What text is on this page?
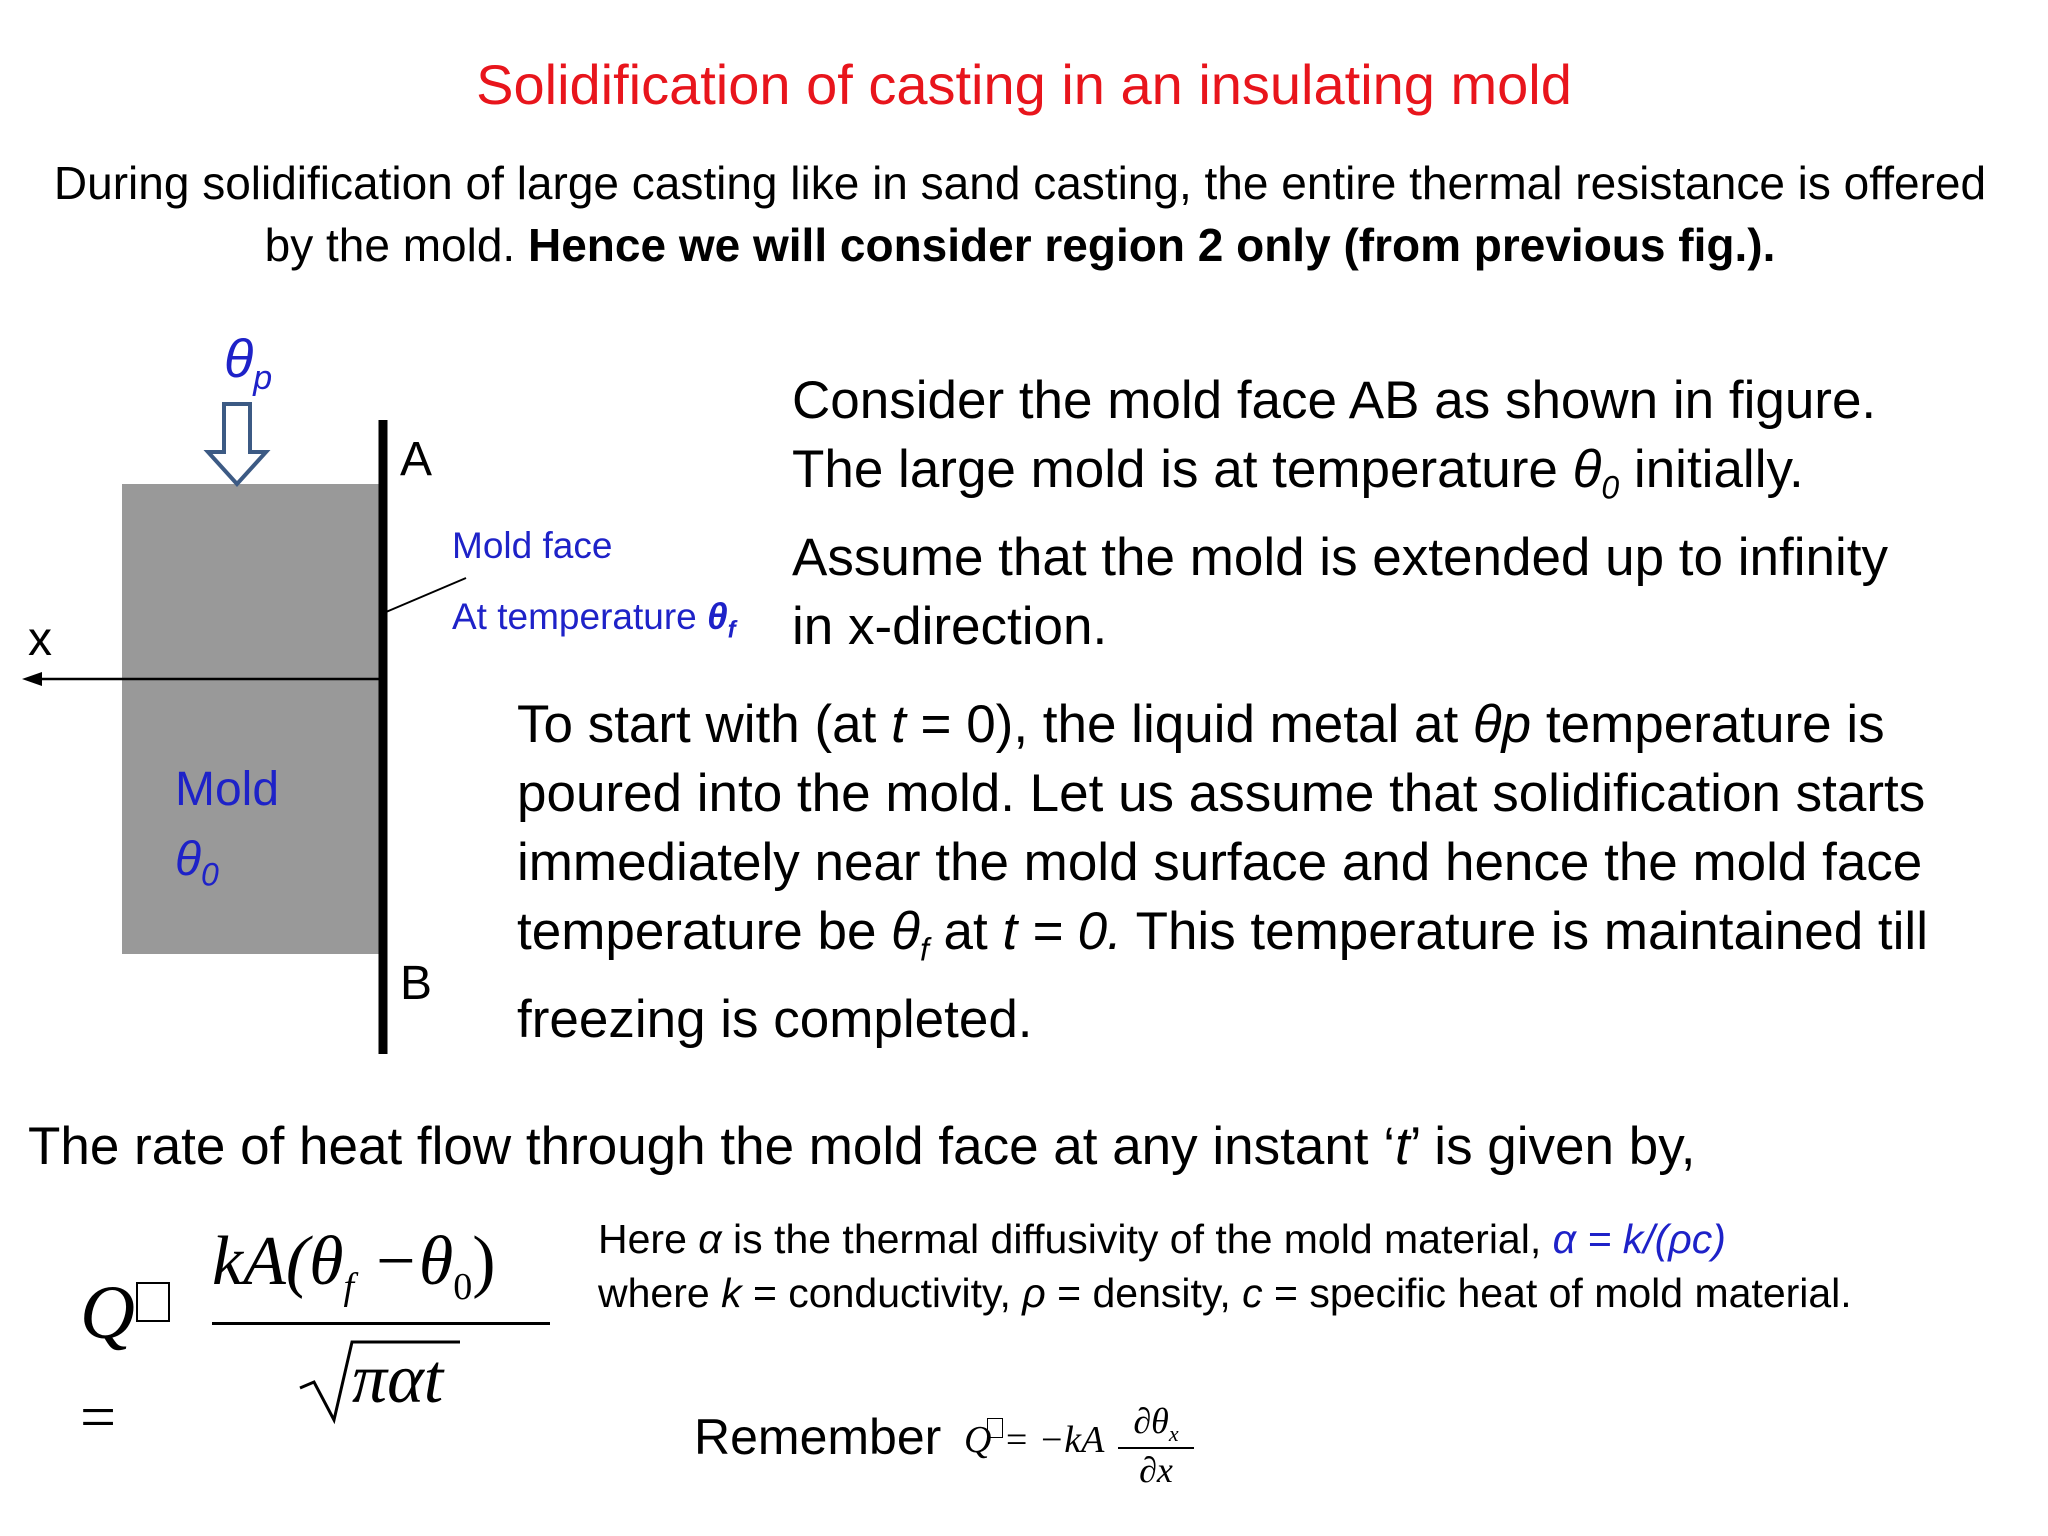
Solidification of casting in an insulating mold
During solidification of large casting like in sand casting, the entire thermal resistance is offered by the mold. Hence we will consider region 2 only (from previous fig.).
$\theta_p$
A
B
x
Mold face
At temperature $\theta_f$
Mold
$\theta_0$
Consider the mold face AB as shown in figure.
The large mold is at temperature $\theta_0$ initially.
Assume that the mold is extended up to infinity
in x-direction.
To start with (at t = 0), the liquid metal at θp temperature is poured into the mold. Let us assume that solidification starts immediately near the mold surface and hence the mold face temperature be $\theta_f$ at t = 0. This temperature is maintained till freezing is completed.
The rate of heat flow through the mold face at any instant ‘t’ is given by,
Q
=
$kA(\theta_f -\theta_0)$
παt
Here α is the thermal diffusivity of the mold material, α = k/(ρc)
where k = conductivity, ρ = density, c = specific heat of mold material.
Remember Q = −kA $\partial\theta_x$
∂x
